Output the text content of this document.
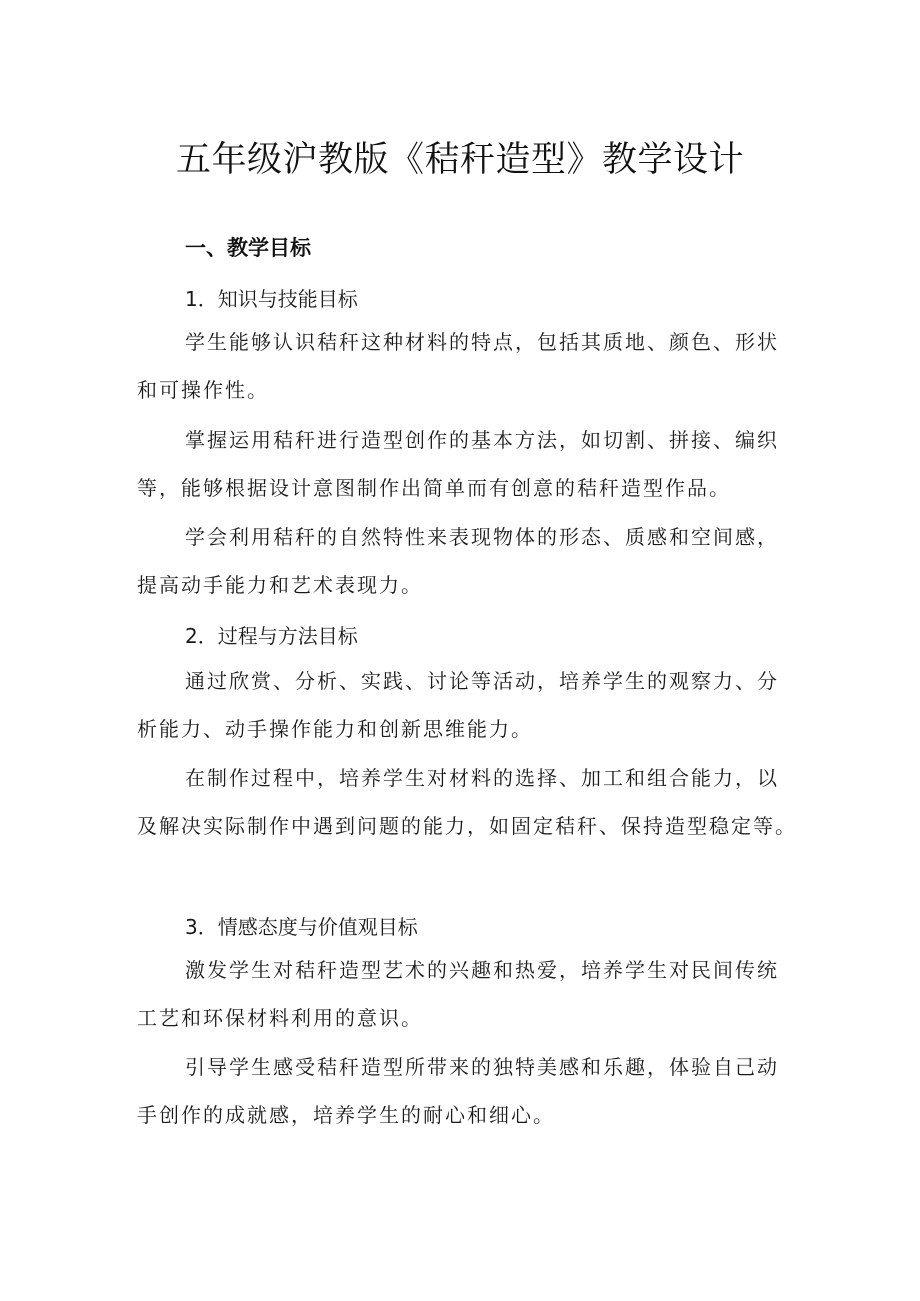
五年级沪教版《秸秆造型》教学设计
一、教学目标
1．知识与技能目标

学生能够认识秸秆这种材料的特点，包括其质地、颜色、形状和可操作性。

掌握运用秸秆进行造型创作的基本方法，如切割、拼接、编织等，能够根据设计意图制作出简单而有创意的秸秆造型作品。

学会利用秸秆的自然特性来表现物体的形态、质感和空间感，提高动手能力和艺术表现力。

2．过程与方法目标

通过欣赏、分析、实践、讨论等活动，培养学生的观察力、分析能力、动手操作能力和创新思维能力。

在制作过程中，培养学生对材料的选择、加工和组合能力，以及解决实际制作中遇到问题的能力，如固定秸秆、保持造型稳定等。

3．情感态度与价值观目标

激发学生对秸秆造型艺术的兴趣和热爱，培养学生对民间传统工艺和环保材料利用的意识。

引导学生感受秸秆造型所带来的独特美感和乐趣，体验自己动手创作的成就感，培养学生的耐心和细心。
